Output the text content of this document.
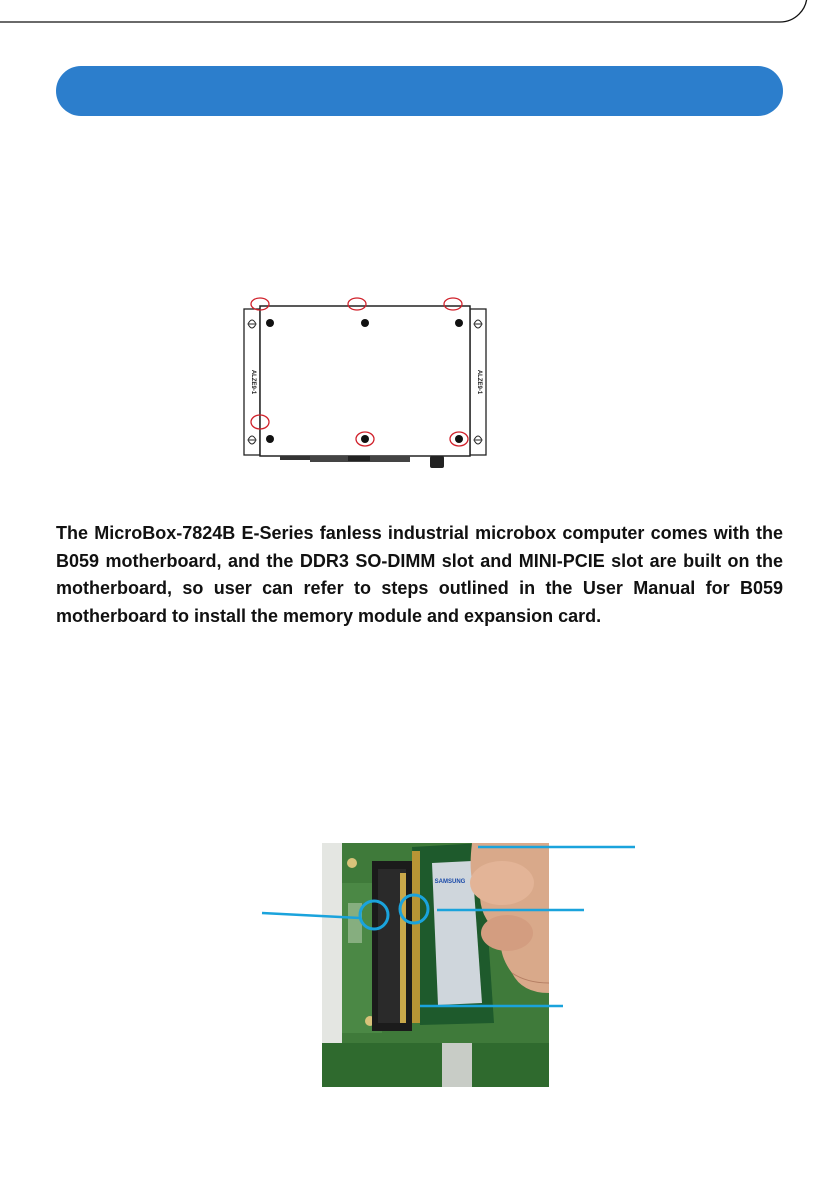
ALZE9-1	ALZE9-1

The MicroBox-7824B E-Series fanless industrial microbox computer comes with the B059 motherboard, and the DDR3 SO-DIMM slot and MINI-PCIE slot are built on the motherboard, so user can refer to steps outlined in the User Manual for B059 motherboard to install the memory module and expansion card.

SAMSUNG
